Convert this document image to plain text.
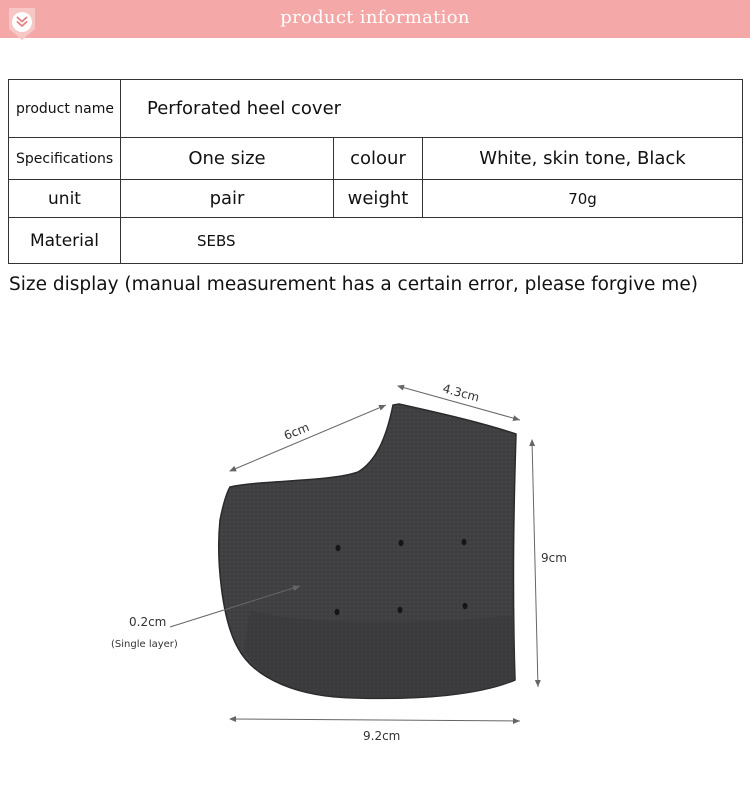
product information
product name	Perforated heel cover		
Specifications	One size	colour	White, skin tone, Black
unit	pair	weight	70g
Material	SEBS		
Size display (manual measurement has a certain error, please forgive me)
4.3cm
6cm
9cm
9.2cm
0.2cm
(Single layer)
